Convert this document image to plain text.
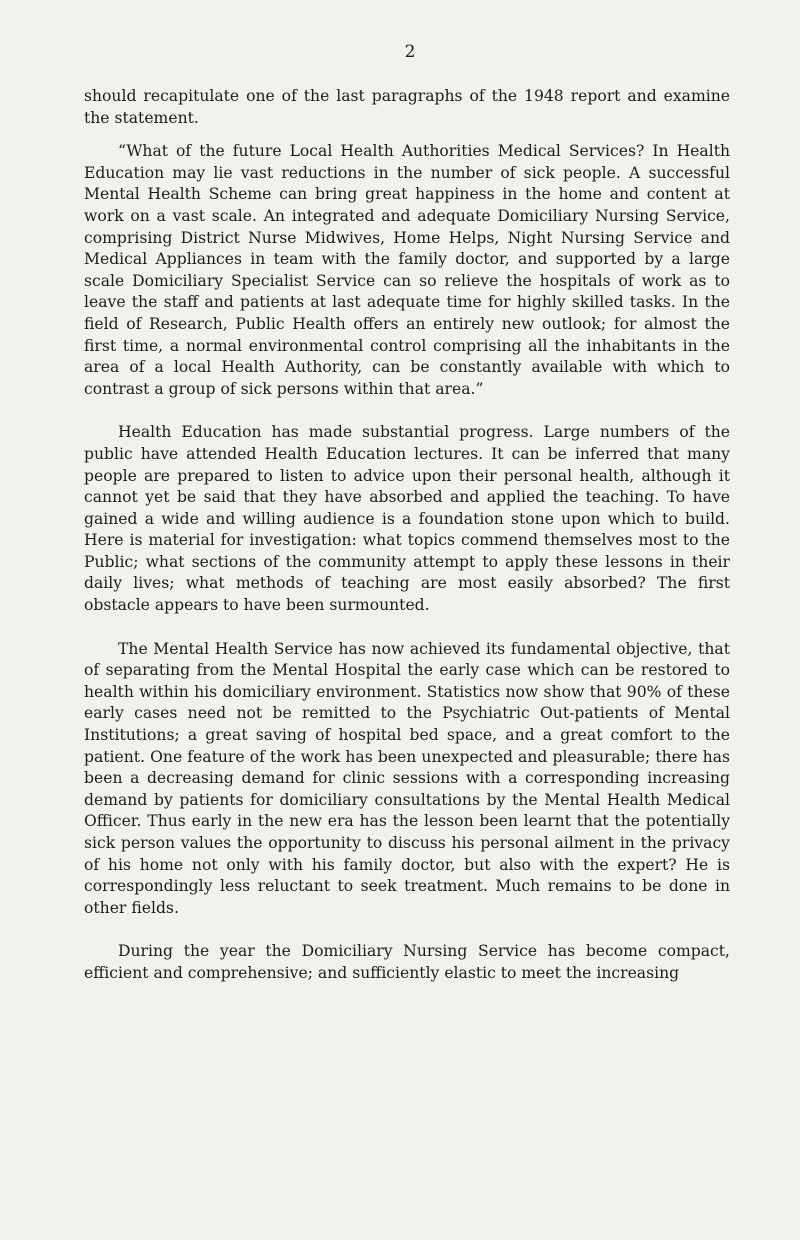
2

should recapitulate one of the last paragraphs of the 1948 report and examine the statement.

“What of the future Local Health Authorities Medical Services? In Health Education may lie vast reductions in the number of sick people. A successful Mental Health Scheme can bring great happiness in the home and content at work on a vast scale. An integrated and adequate Domiciliary Nursing Service, comprising District Nurse Midwives, Home Helps, Night Nursing Service and Medical Appliances in team with the family doctor, and supported by a large scale Domiciliary Specialist Service can so relieve the hospitals of work as to leave the staff and patients at last adequate time for highly skilled tasks. In the field of Research, Public Health offers an entirely new outlook; for almost the first time, a normal environmental control comprising all the inhabitants in the area of a local Health Authority, can be constantly available with which to contrast a group of sick persons within that area.”

Health Education has made substantial progress. Large numbers of the public have attended Health Education lectures. It can be inferred that many people are prepared to listen to advice upon their personal health, although it cannot yet be said that they have absorbed and applied the teaching. To have gained a wide and willing audience is a foundation stone upon which to build. Here is material for investigation: what topics commend themselves most to the Public; what sections of the community attempt to apply these lessons in their daily lives; what methods of teaching are most easily absorbed? The first obstacle appears to have been surmounted.

The Mental Health Service has now achieved its fundamental objective, that of separating from the Mental Hospital the early case which can be restored to health within his domiciliary environment. Statistics now show that 90% of these early cases need not be remitted to the Psychiatric Out-patients of Mental Institutions; a great saving of hospital bed space, and a great comfort to the patient. One feature of the work has been unexpected and pleasurable; there has been a decreasing demand for clinic sessions with a corresponding increasing demand by patients for domiciliary consultations by the Mental Health Medical Officer. Thus early in the new era has the lesson been learnt that the potentially sick person values the opportunity to discuss his personal ailment in the privacy of his home not only with his family doctor, but also with the expert? He is correspondingly less reluctant to seek treatment. Much remains to be done in other fields.

During the year the Domiciliary Nursing Service has become compact, efficient and comprehensive; and sufficiently elastic to meet the increasing
